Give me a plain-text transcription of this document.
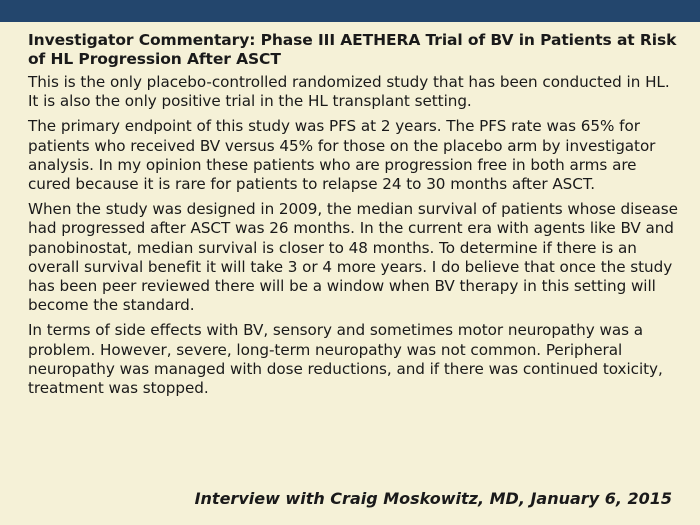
Investigator Commentary: Phase III AETHERA Trial of BV in Patients at Risk of HL Progression After ASCT

This is the only placebo-controlled randomized study that has been conducted in HL. It is also the only positive trial in the HL transplant setting.

The primary endpoint of this study was PFS at 2 years. The PFS rate was 65% for patients who received BV versus 45% for those on the placebo arm by investigator analysis. In my opinion these patients who are progression free in both arms are cured because it is rare for patients to relapse 24 to 30 months after ASCT.

When the study was designed in 2009, the median survival of patients whose disease had progressed after ASCT was 26 months. In the current era with agents like BV and panobinostat, median survival is closer to 48 months. To determine if there is an overall survival benefit it will take 3 or 4 more years. I do believe that once the study has been peer reviewed there will be a window when BV therapy in this setting will become the standard.

In terms of side effects with BV, sensory and sometimes motor neuropathy was a problem. However, severe, long-term neuropathy was not common. Peripheral neuropathy was managed with dose reductions, and if there was continued toxicity, treatment was stopped.

Interview with Craig Moskowitz, MD, January 6, 2015
